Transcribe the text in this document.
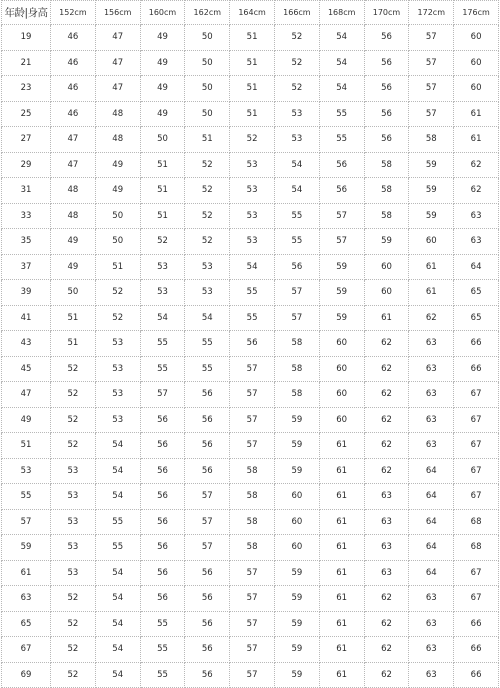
年龄|身高	152cm	156cm	160cm	162cm	164cm	166cm	168cm	170cm	172cm	176cm
19	46	47	49	50	51	52	54	56	57	60
21	46	47	49	50	51	52	54	56	57	60
23	46	47	49	50	51	52	54	56	57	60
25	46	48	49	50	51	53	55	56	57	61
27	47	48	50	51	52	53	55	56	58	61
29	47	49	51	52	53	54	56	58	59	62
31	48	49	51	52	53	54	56	58	59	62
33	48	50	51	52	53	55	57	58	59	63
35	49	50	52	52	53	55	57	59	60	63
37	49	51	53	53	54	56	59	60	61	64
39	50	52	53	53	55	57	59	60	61	65
41	51	52	54	54	55	57	59	61	62	65
43	51	53	55	55	56	58	60	62	63	66
45	52	53	55	55	57	58	60	62	63	66
47	52	53	57	56	57	58	60	62	63	67
49	52	53	56	56	57	59	60	62	63	67
51	52	54	56	56	57	59	61	62	63	67
53	53	54	56	56	58	59	61	62	64	67
55	53	54	56	57	58	60	61	63	64	67
57	53	55	56	57	58	60	61	63	64	68
59	53	55	56	57	58	60	61	63	64	68
61	53	54	56	56	57	59	61	63	64	67
63	52	54	56	56	57	59	61	62	63	67
65	52	54	55	56	57	59	61	62	63	66
67	52	54	55	56	57	59	61	62	63	66
69	52	54	55	56	57	59	61	62	63	66
